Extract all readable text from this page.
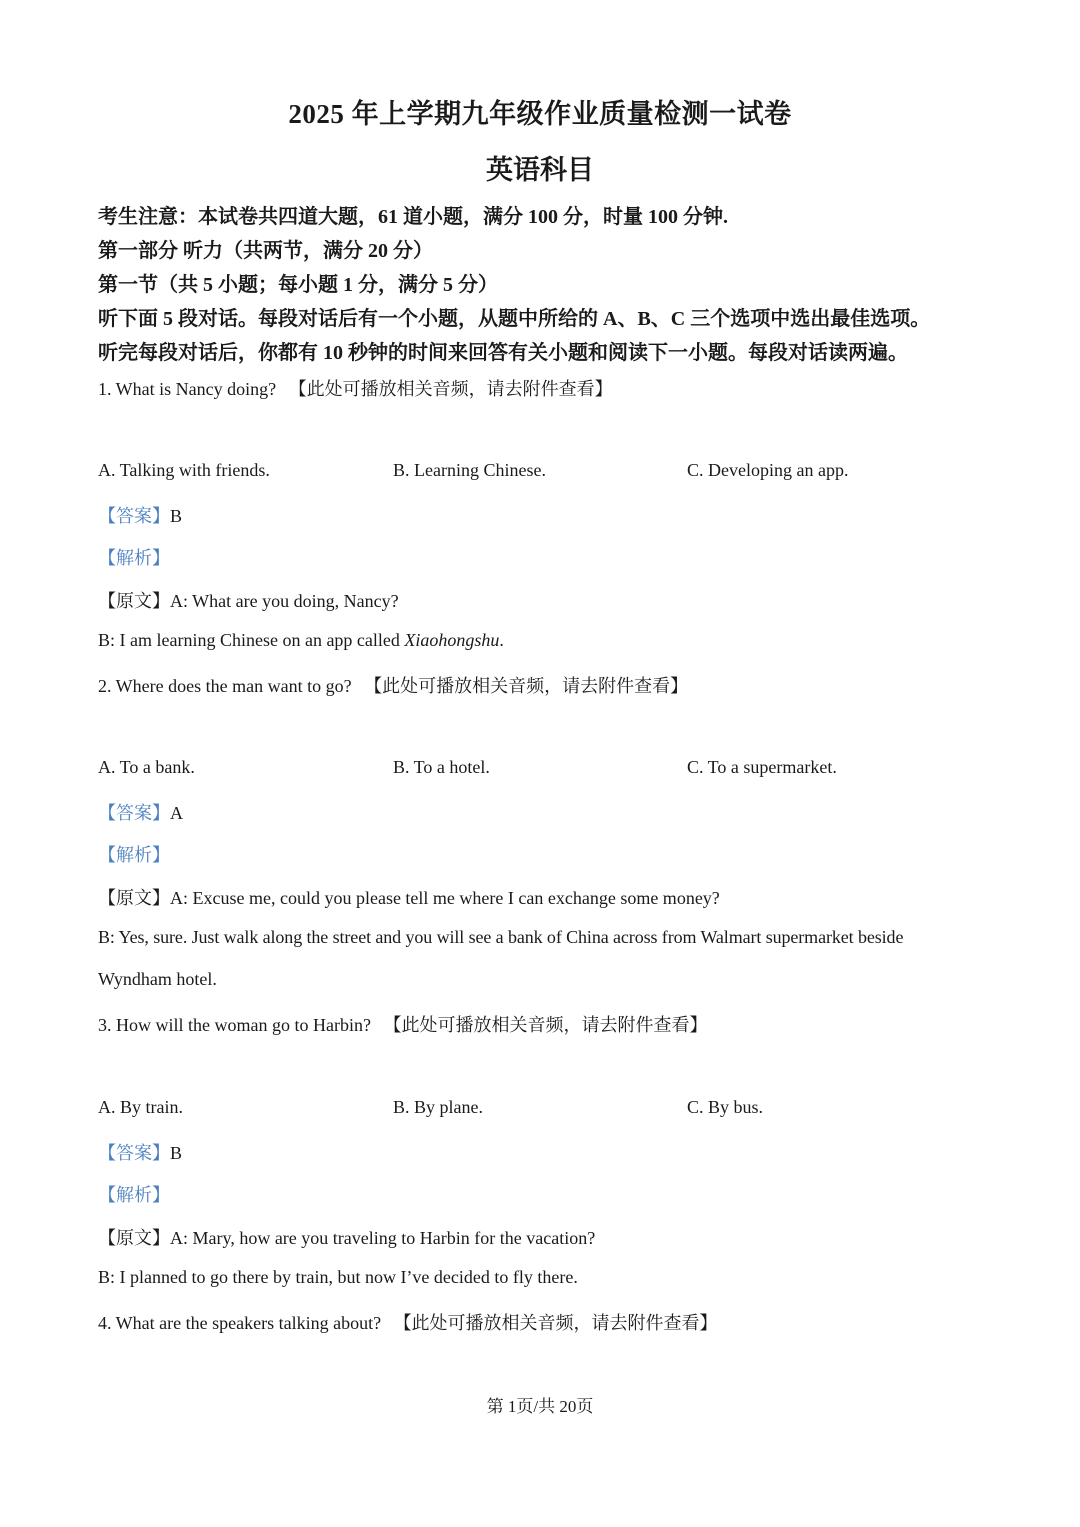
2025 年上学期九年级作业质量检测一试卷
英语科目
考生注意：本试卷共四道大题，61 道小题，满分 100 分，时量 100 分钟.
第一部分 听力（共两节，满分 20 分）
第一节（共 5 小题；每小题 1 分，满分 5 分）
听下面 5 段对话。每段对话后有一个小题，从题中所给的 A、B、C 三个选项中选出最佳选项。
听完每段对话后，你都有 10 秒钟的时间来回答有关小题和阅读下一小题。每段对话读两遍。
1. What is Nancy doing? 【此处可播放相关音频，请去附件查看】
A. Talking with friends.	B. Learning Chinese.	C. Developing an app.
【答案】B
【解析】
【原文】A: What are you doing, Nancy?
B: I am learning Chinese on an app called Xiaohongshu.
2. Where does the man want to go? 【此处可播放相关音频，请去附件查看】
A. To a bank.	B. To a hotel.	C. To a supermarket.
【答案】A
【解析】
【原文】A: Excuse me, could you please tell me where I can exchange some money?
B: Yes, sure. Just walk along the street and you will see a bank of China across from Walmart supermarket beside
Wyndham hotel.
3. How will the woman go to Harbin? 【此处可播放相关音频，请去附件查看】
A. By train.	B. By plane.	C. By bus.
【答案】B
【解析】
【原文】A: Mary, how are you traveling to Harbin for the vacation?
B: I planned to go there by train, but now I’ve decided to fly there.
4. What are the speakers talking about? 【此处可播放相关音频，请去附件查看】
第 1页/共 20页
